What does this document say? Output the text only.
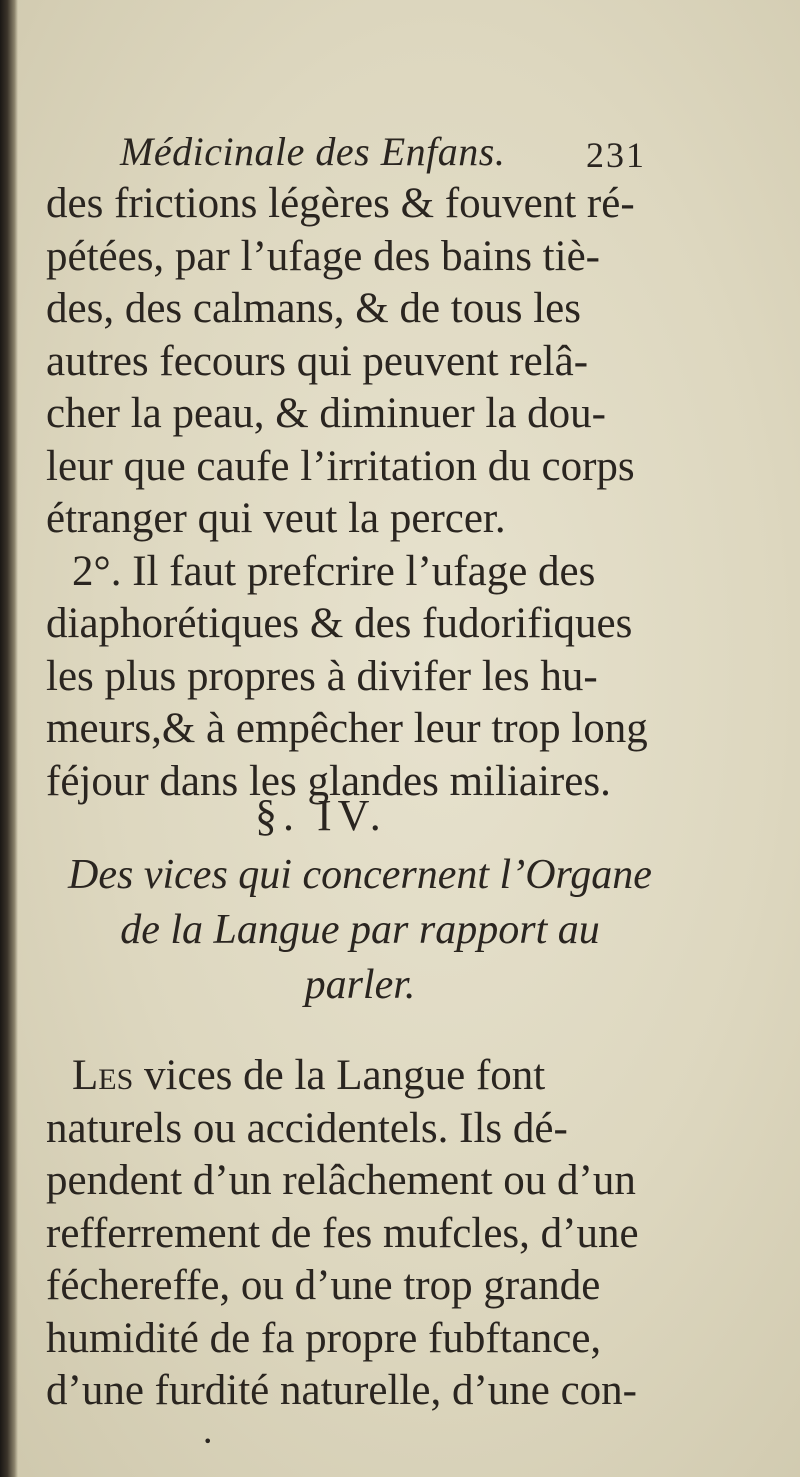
Médicinale des Enfans. 231
des frictions légères & fouvent ré-
pétées, par l’ufage des bains tiè-
des, des calmans, & de tous les
autres fecours qui peuvent relâ-
cher la peau, & diminuer la dou-
leur que caufe l’irritation du corps
étranger qui veut la percer.
2°. Il faut prefcrire l’ufage des
diaphorétiques & des fudorifiques
les plus propres à divifer les hu-
meurs,& à empêcher leur trop long
féjour dans les glandes miliaires.
§. IV.
Des vices qui concernent l’Organe
de la Langue par rapport au
parler.
Les vices de la Langue font
naturels ou accidentels. Ils dé-
pendent d’un relâchement ou d’un
refferrement de fes mufcles, d’une
féchereffe, ou d’une trop grande
humidité de fa propre fubftance,
d’une furdité naturelle, d’une con-
•
